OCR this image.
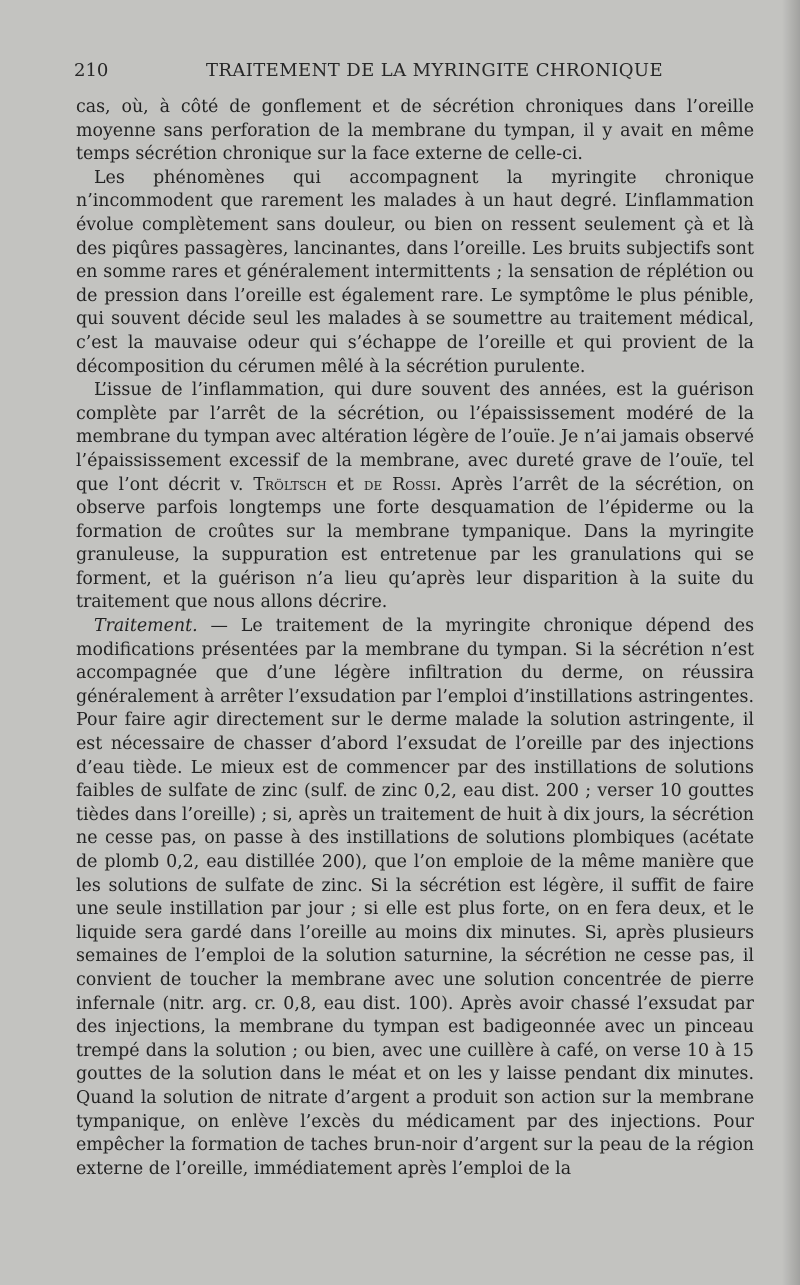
210	TRAITEMENT DE LA MYRINGITE CHRONIQUE

cas, où, à côté de gonflement et de sécrétion chroniques dans l’oreille moyenne sans perforation de la membrane du tympan, il y avait en même temps sécrétion chronique sur la face externe de celle-ci.

Les phénomènes qui accompagnent la myringite chronique n’incommodent que rarement les malades à un haut degré. L’inflammation évolue complètement sans douleur, ou bien on ressent seulement çà et là des piqûres passagères, lancinantes, dans l’oreille. Les bruits subjectifs sont en somme rares et généralement intermittents ; la sensation de réplétion ou de pression dans l’oreille est également rare. Le symptôme le plus pénible, qui souvent décide seul les malades à se soumettre au traitement médical, c’est la mauvaise odeur qui s’échappe de l’oreille et qui provient de la décomposition du cérumen mêlé à la sécrétion purulente.

L’issue de l’inflammation, qui dure souvent des années, est la guérison complète par l’arrêt de la sécrétion, ou l’épaississement modéré de la membrane du tympan avec altération légère de l’ouïe. Je n’ai jamais observé l’épaississement excessif de la membrane, avec dureté grave de l’ouïe, tel que l’ont décrit v. Tröltsch et de Rossi. Après l’arrêt de la sécrétion, on observe parfois longtemps une forte desquamation de l’épiderme ou la formation de croûtes sur la membrane tympanique. Dans la myringite granuleuse, la suppuration est entretenue par les granulations qui se forment, et la guérison n’a lieu qu’après leur disparition à la suite du traitement que nous allons décrire.

Traitement. — Le traitement de la myringite chronique dépend des modifications présentées par la membrane du tympan. Si la sécrétion n’est accompagnée que d’une légère infiltration du derme, on réussira généralement à arrêter l’exsudation par l’emploi d’instillations astringentes. Pour faire agir directement sur le derme malade la solution astringente, il est nécessaire de chasser d’abord l’exsudat de l’oreille par des injections d’eau tiède. Le mieux est de commencer par des instillations de solutions faibles de sulfate de zinc (sulf. de zinc 0,2, eau dist. 200 ; verser 10 gouttes tièdes dans l’oreille) ; si, après un traitement de huit à dix jours, la sécrétion ne cesse pas, on passe à des instillations de solutions plombiques (acétate de plomb 0,2, eau distillée 200), que l’on emploie de la même manière que les solutions de sulfate de zinc. Si la sécrétion est légère, il suffit de faire une seule instillation par jour ; si elle est plus forte, on en fera deux, et le liquide sera gardé dans l’oreille au moins dix minutes. Si, après plusieurs semaines de l’emploi de la solution saturnine, la sécrétion ne cesse pas, il convient de toucher la membrane avec une solution concentrée de pierre infernale (nitr. arg. cr. 0,8, eau dist. 100). Après avoir chassé l’exsudat par des injections, la membrane du tympan est badigeonnée avec un pinceau trempé dans la solution ; ou bien, avec une cuillère à café, on verse 10 à 15 gouttes de la solution dans le méat et on les y laisse pendant dix minutes. Quand la solution de nitrate d’argent a produit son action sur la membrane tympanique, on enlève l’excès du médicament par des injections. Pour empêcher la formation de taches brun-noir d’argent sur la peau de la région externe de l’oreille, immédiatement après l’emploi de la
